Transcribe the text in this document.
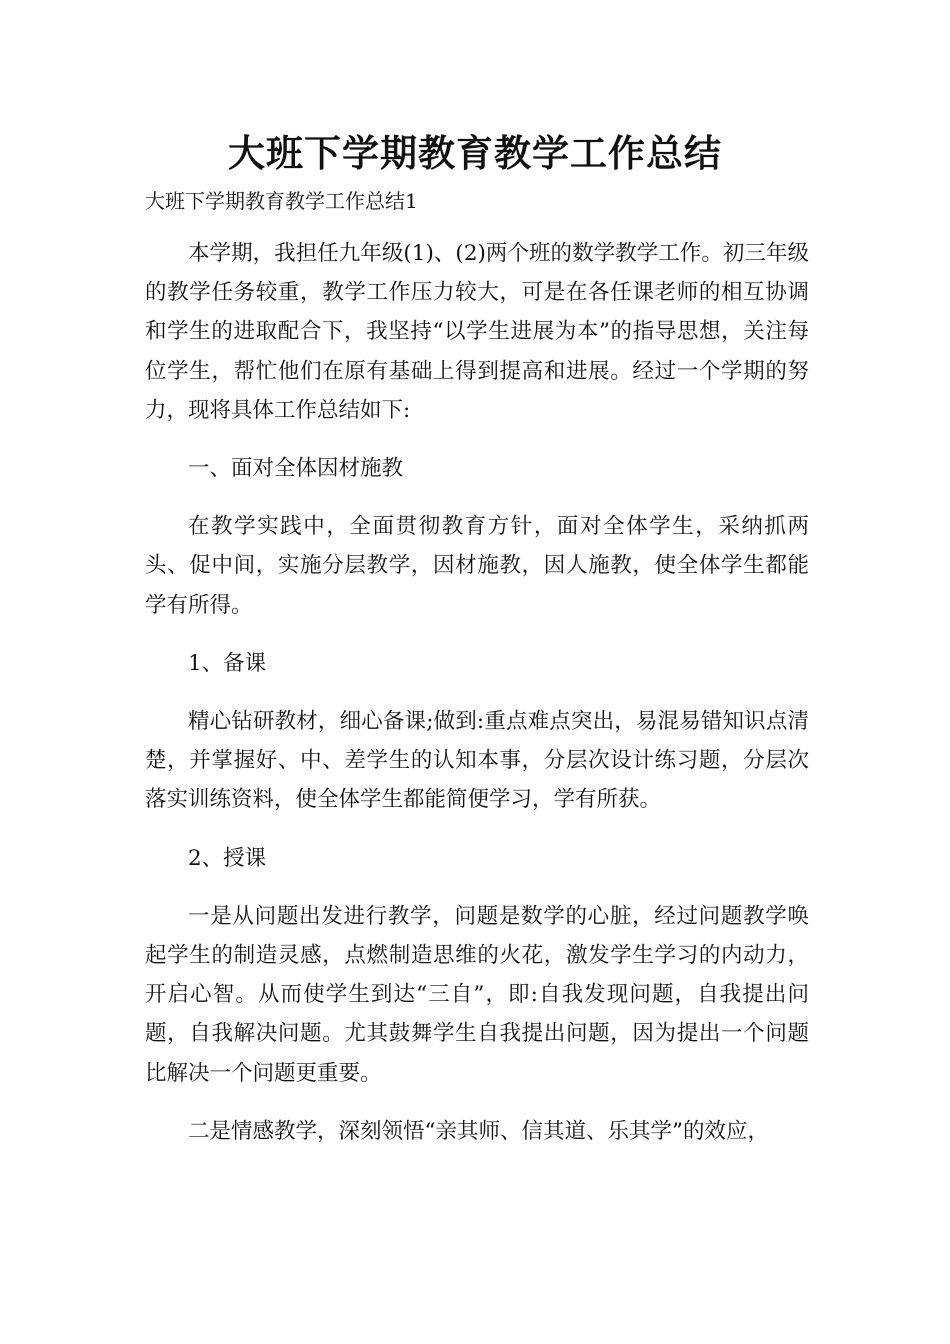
大班下学期教育教学工作总结
大班下学期教育教学工作总结1

本学期，我担任九年级(1)、(2)两个班的数学教学工作。初三年级的教学任务较重，教学工作压力较大，可是在各任课老师的相互协调和学生的进取配合下，我坚持“以学生进展为本”的指导思想，关注每位学生，帮忙他们在原有基础上得到提高和进展。经过一个学期的努力，现将具体工作总结如下:

一、面对全体因材施教

在教学实践中，全面贯彻教育方针，面对全体学生，采纳抓两头、促中间，实施分层教学，因材施教，因人施教，使全体学生都能学有所得。

1、备课

精心钻研教材，细心备课;做到:重点难点突出，易混易错知识点清楚，并掌握好、中、差学生的认知本事，分层次设计练习题，分层次落实训练资料，使全体学生都能简便学习，学有所获。

2、授课

一是从问题出发进行教学，问题是数学的心脏，经过问题教学唤起学生的制造灵感，点燃制造思维的火花，激发学生学习的内动力，开启心智。从而使学生到达“三自”，即:自我发现问题，自我提出问题，自我解决问题。尤其鼓舞学生自我提出问题，因为提出一个问题比解决一个问题更重要。

二是情感教学，深刻领悟“亲其师、信其道、乐其学”的效应，
